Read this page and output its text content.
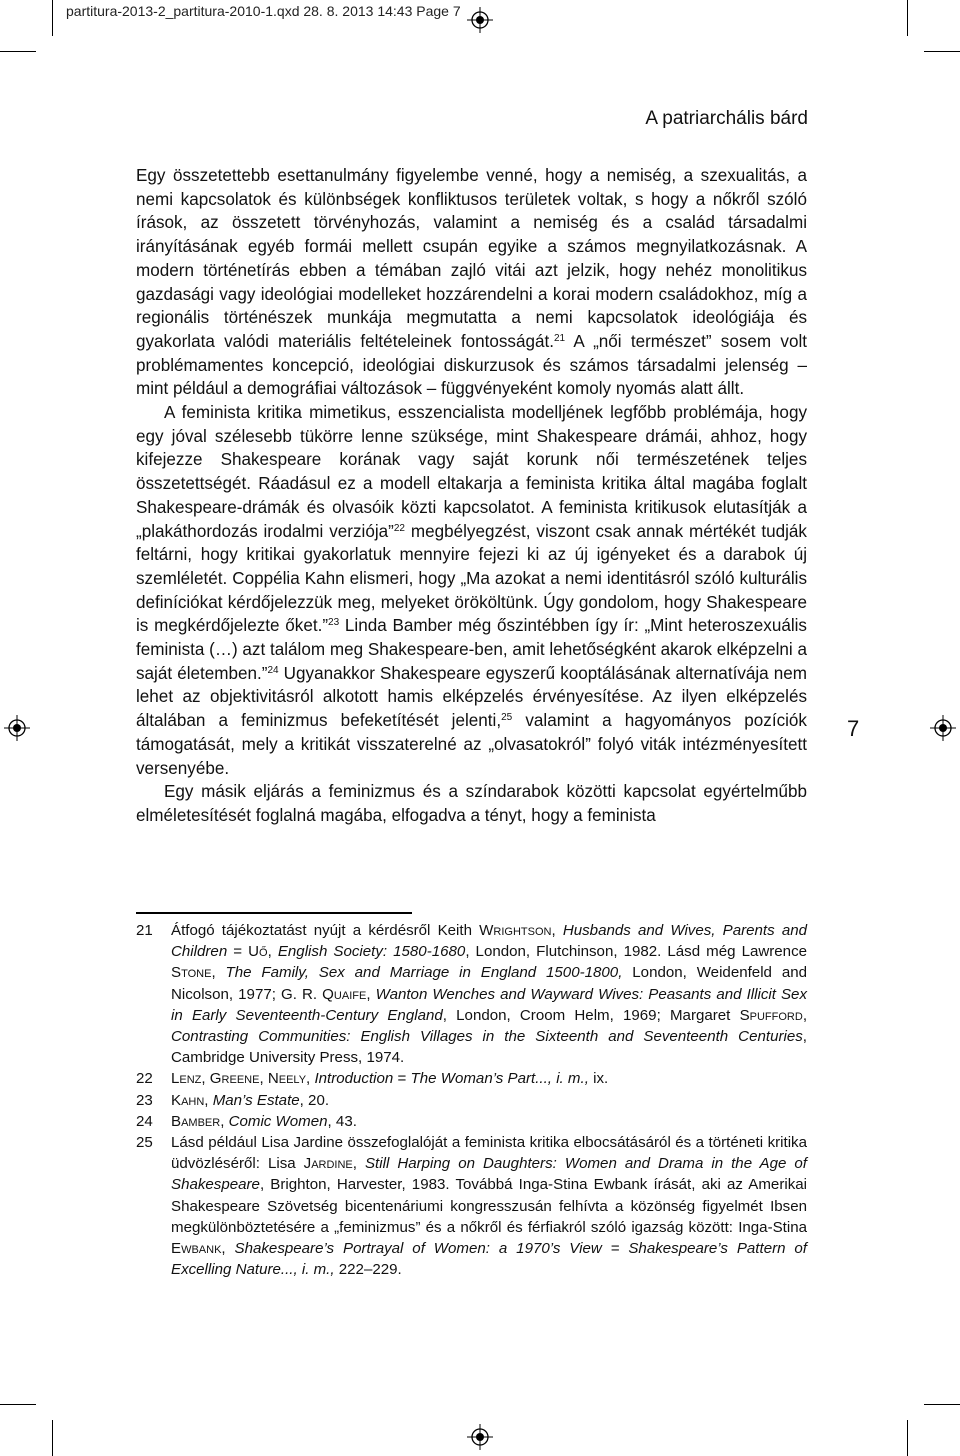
partitura-2013-2_partitura-2010-1.qxd 28. 8. 2013 14:43 Page 7
A patriarchális bárd
7

Egy összetettebb esettanulmány figyelembe venné, hogy a nemiség, a szexualitás, a nemi kapcsolatok és különbségek konfliktusos területek voltak, s hogy a nőkről szóló írások, az összetett törvényhozás, valamint a nemiség és a család társadalmi irányításának egyéb formái mellett csupán egyike a számos megnyilatkozásnak. A modern történetírás ebben a témában zajló vitái azt jelzik, hogy nehéz monolitikus gazdasági vagy ideológiai modelleket hozzárendelni a korai modern családokhoz, míg a regionális történészek munkája megmutatta a nemi kapcsolatok ideológiája és gyakorlata valódi materiális feltételeinek fontosságát.$^{21}$ A „női természet” sosem volt problémamentes koncepció, ideológiai diskurzusok és számos társadalmi jelenség – mint például a demográfiai változások – függvényeként komoly nyomás alatt állt.

A feminista kritika mimetikus, esszencialista modelljének legfőbb problémája, hogy egy jóval szélesebb tükörre lenne szüksége, mint Shakespeare drámái, ahhoz, hogy kifejezze Shakespeare korának vagy saját korunk női természetének teljes összetettségét. Ráadásul ez a modell eltakarja a feminista kritika által magába foglalt Shakespeare-drámák és olvasóik közti kapcsolatot. A feminista kritikusok elutasítják a „plakáthordozás irodalmi verziója”$^{22}$ megbélyegzést, viszont csak annak mértékét tudják feltárni, hogy kritikai gyakorlatuk mennyire fejezi ki az új igényeket és a darabok új szemléletét. Coppélia Kahn elismeri, hogy „Ma azokat a nemi identitásról szóló kulturális definíciókat kérdőjelezzük meg, melyeket örököltünk. Úgy gondolom, hogy Shakespeare is megkérdőjelezte őket.”$^{23}$ Linda Bamber még őszintébben így ír: „Mint heteroszexuális feminista (…) azt találom meg Shakespeare-ben, amit lehetőségként akarok elképzelni a saját életemben.”$^{24}$ Ugyanakkor Shakespeare egyszerű kooptálásának alternatívája nem lehet az objektivitásról alkotott hamis elképzelés érvényesítése. Az ilyen elképzelés általában a feminizmus befeketítését jelenti,$^{25}$ valamint a hagyományos pozíciók támogatását, mely a kritikát visszaterelné az „olvasatokról” folyó viták intézményesített versenyébe.

Egy másik eljárás a feminizmus és a színdarabok közötti kapcsolat egyértelműbb elméletesítését foglalná magába, elfogadva a tényt, hogy a feminista

21	Átfogó tájékoztatást nyújt a kérdésről Keith Wrightson, Husbands and Wives, Parents and Children = Uő, English Society: 1580-1680, London, Flutchinson, 1982. Lásd még Lawrence Stone, The Family, Sex and Marriage in England 1500-1800, London, Weidenfeld and Nicolson, 1977; G. R. Quaife, Wanton Wenches and Wayward Wives: Peasants and Illicit Sex in Early Seventeenth-Century England, London, Croom Helm, 1969; Margaret Spufford, Contrasting Communities: English Villages in the Sixteenth and Seventeenth Centuries, Cambridge University Press, 1974.
22	Lenz, Greene, Neely, Introduction = The Woman’s Part..., i. m., ix.
23	Kahn, Man’s Estate, 20.
24	Bamber, Comic Women, 43.
25	Lásd például Lisa Jardine összefoglalóját a feminista kritika elbocsátásáról és a történeti kritika üdvözléséről: Lisa Jardine, Still Harping on Daughters: Women and Drama in the Age of Shakespeare, Brighton, Harvester, 1983. Továbbá Inga-Stina Ewbank írását, aki az Amerikai Shakespeare Szövetség bicentenáriumi kongresszusán felhívta a közönség figyelmét Ibsen megkülönböztetésére a „feminizmus” és a nőkről és férfiakról szóló igazság között: Inga-Stina Ewbank, Shakespeare’s Portrayal of Women: a 1970’s View = Shakespeare’s Pattern of Excelling Nature..., i. m., 222–229.
